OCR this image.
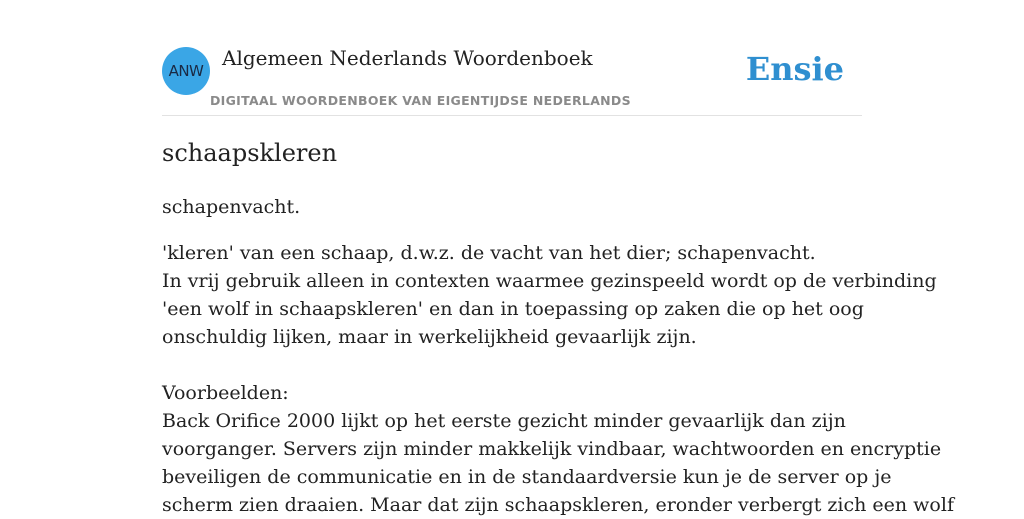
ANW
Algemeen Nederlands Woordenboek
DIGITAAL WOORDENBOEK VAN EIGENTIJDSE NEDERLANDS
Ensie
schaapskleren
schapenvacht.
'kleren' van een schaap, d.w.z. de vacht van het dier; schapenvacht.
In vrij gebruik alleen in contexten waarmee gezinspeeld wordt op de verbinding
'een wolf in schaapskleren' en dan in toepassing op zaken die op het oog
onschuldig lijken, maar in werkelijkheid gevaarlijk zijn.
Voorbeelden:
Back Orifice 2000 lijkt op het eerste gezicht minder gevaarlijk dan zijn
voorganger. Servers zijn minder makkelijk vindbaar, wachtwoorden en encryptie
beveiligen de communicatie en in de standaardversie kun je de server op je
scherm zien draaien. Maar dat zijn schaapskleren, eronder verbergt zich een wolf
